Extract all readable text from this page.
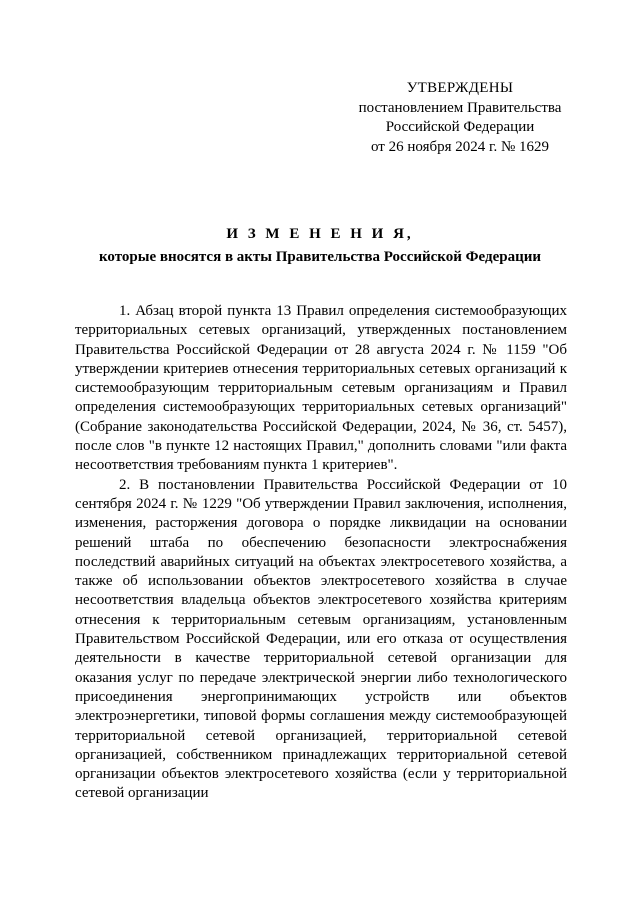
УТВЕРЖДЕНЫ
постановлением Правительства
Российской Федерации
от 26 ноября 2024 г. № 1629
И З М Е Н Е Н И Я,
которые вносятся в акты Правительства Российской Федерации

1. Абзац второй пункта 13 Правил определения системообразующих территориальных сетевых организаций, утвержденных постановлением Правительства Российской Федерации от 28 августа 2024 г. № 1159 "Об утверждении критериев отнесения территориальных сетевых организаций к системообразующим территориальным сетевым организациям и Правил определения системообразующих территориальных сетевых организаций" (Собрание законодательства Российской Федерации, 2024, № 36, ст. 5457), после слов "в пункте 12 настоящих Правил," дополнить словами "или факта несоответствия требованиям пункта 1 критериев".

2. В постановлении Правительства Российской Федерации от 10 сентября 2024 г. № 1229 "Об утверждении Правил заключения, исполнения, изменения, расторжения договора о порядке ликвидации на основании решений штаба по обеспечению безопасности электроснабжения последствий аварийных ситуаций на объектах электросетевого хозяйства, а также об использовании объектов электросетевого хозяйства в случае несоответствия владельца объектов электросетевого хозяйства критериям отнесения к территориальным сетевым организациям, установленным Правительством Российской Федерации, или его отказа от осуществления деятельности в качестве территориальной сетевой организации для оказания услуг по передаче электрической энергии либо технологического присоединения энергопринимающих устройств или объектов электроэнергетики, типовой формы соглашения между системообразующей территориальной сетевой организацией, территориальной сетевой организацией, собственником принадлежащих территориальной сетевой организации объектов электросетевого хозяйства (если у территориальной сетевой организации
